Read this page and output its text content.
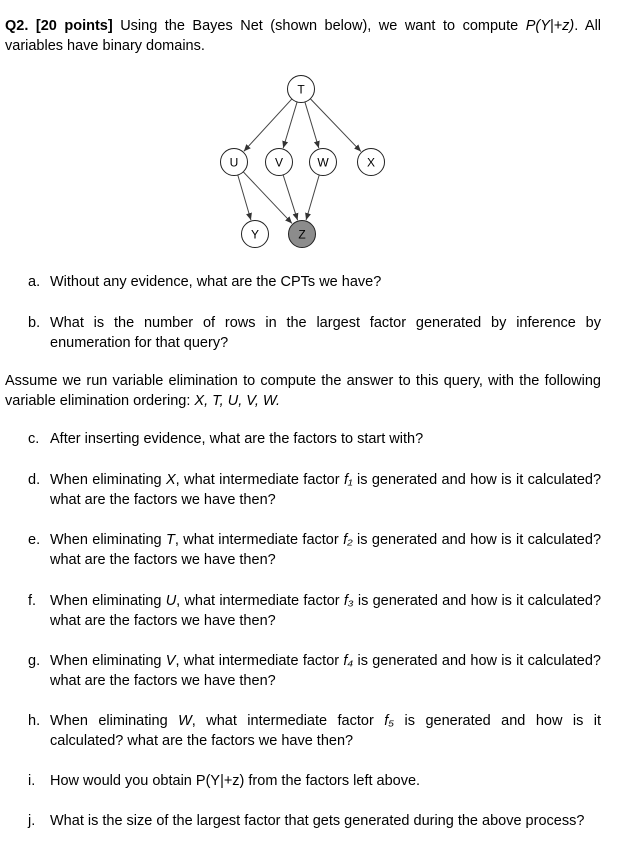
Q2. [20 points] Using the Bayes Net (shown below), we want to compute P(Y|+z). All variables have binary domains.
T
U	V	W	X
Y	Z
a. Without any evidence, what are the CPTs we have?
b. What is the number of rows in the largest factor generated by inference by enumeration for that query?
Assume we run variable elimination to compute the answer to this query, with the following variable elimination ordering: X, T, U, V, W.
c. After inserting evidence, what are the factors to start with?
d. When eliminating X, what intermediate factor f₁ is generated and how is it calculated? what are the factors we have then?
e. When eliminating T, what intermediate factor f₂ is generated and how is it calculated? what are the factors we have then?
f. When eliminating U, what intermediate factor f₃ is generated and how is it calculated? what are the factors we have then?
g. When eliminating V, what intermediate factor f₄ is generated and how is it calculated? what are the factors we have then?
h. When eliminating W, what intermediate factor f₅ is generated and how is it calculated? what are the factors we have then?
i.	How would you obtain P(Y|+z) from the factors left above.
j.	What is the size of the largest factor that gets generated during the above process?
